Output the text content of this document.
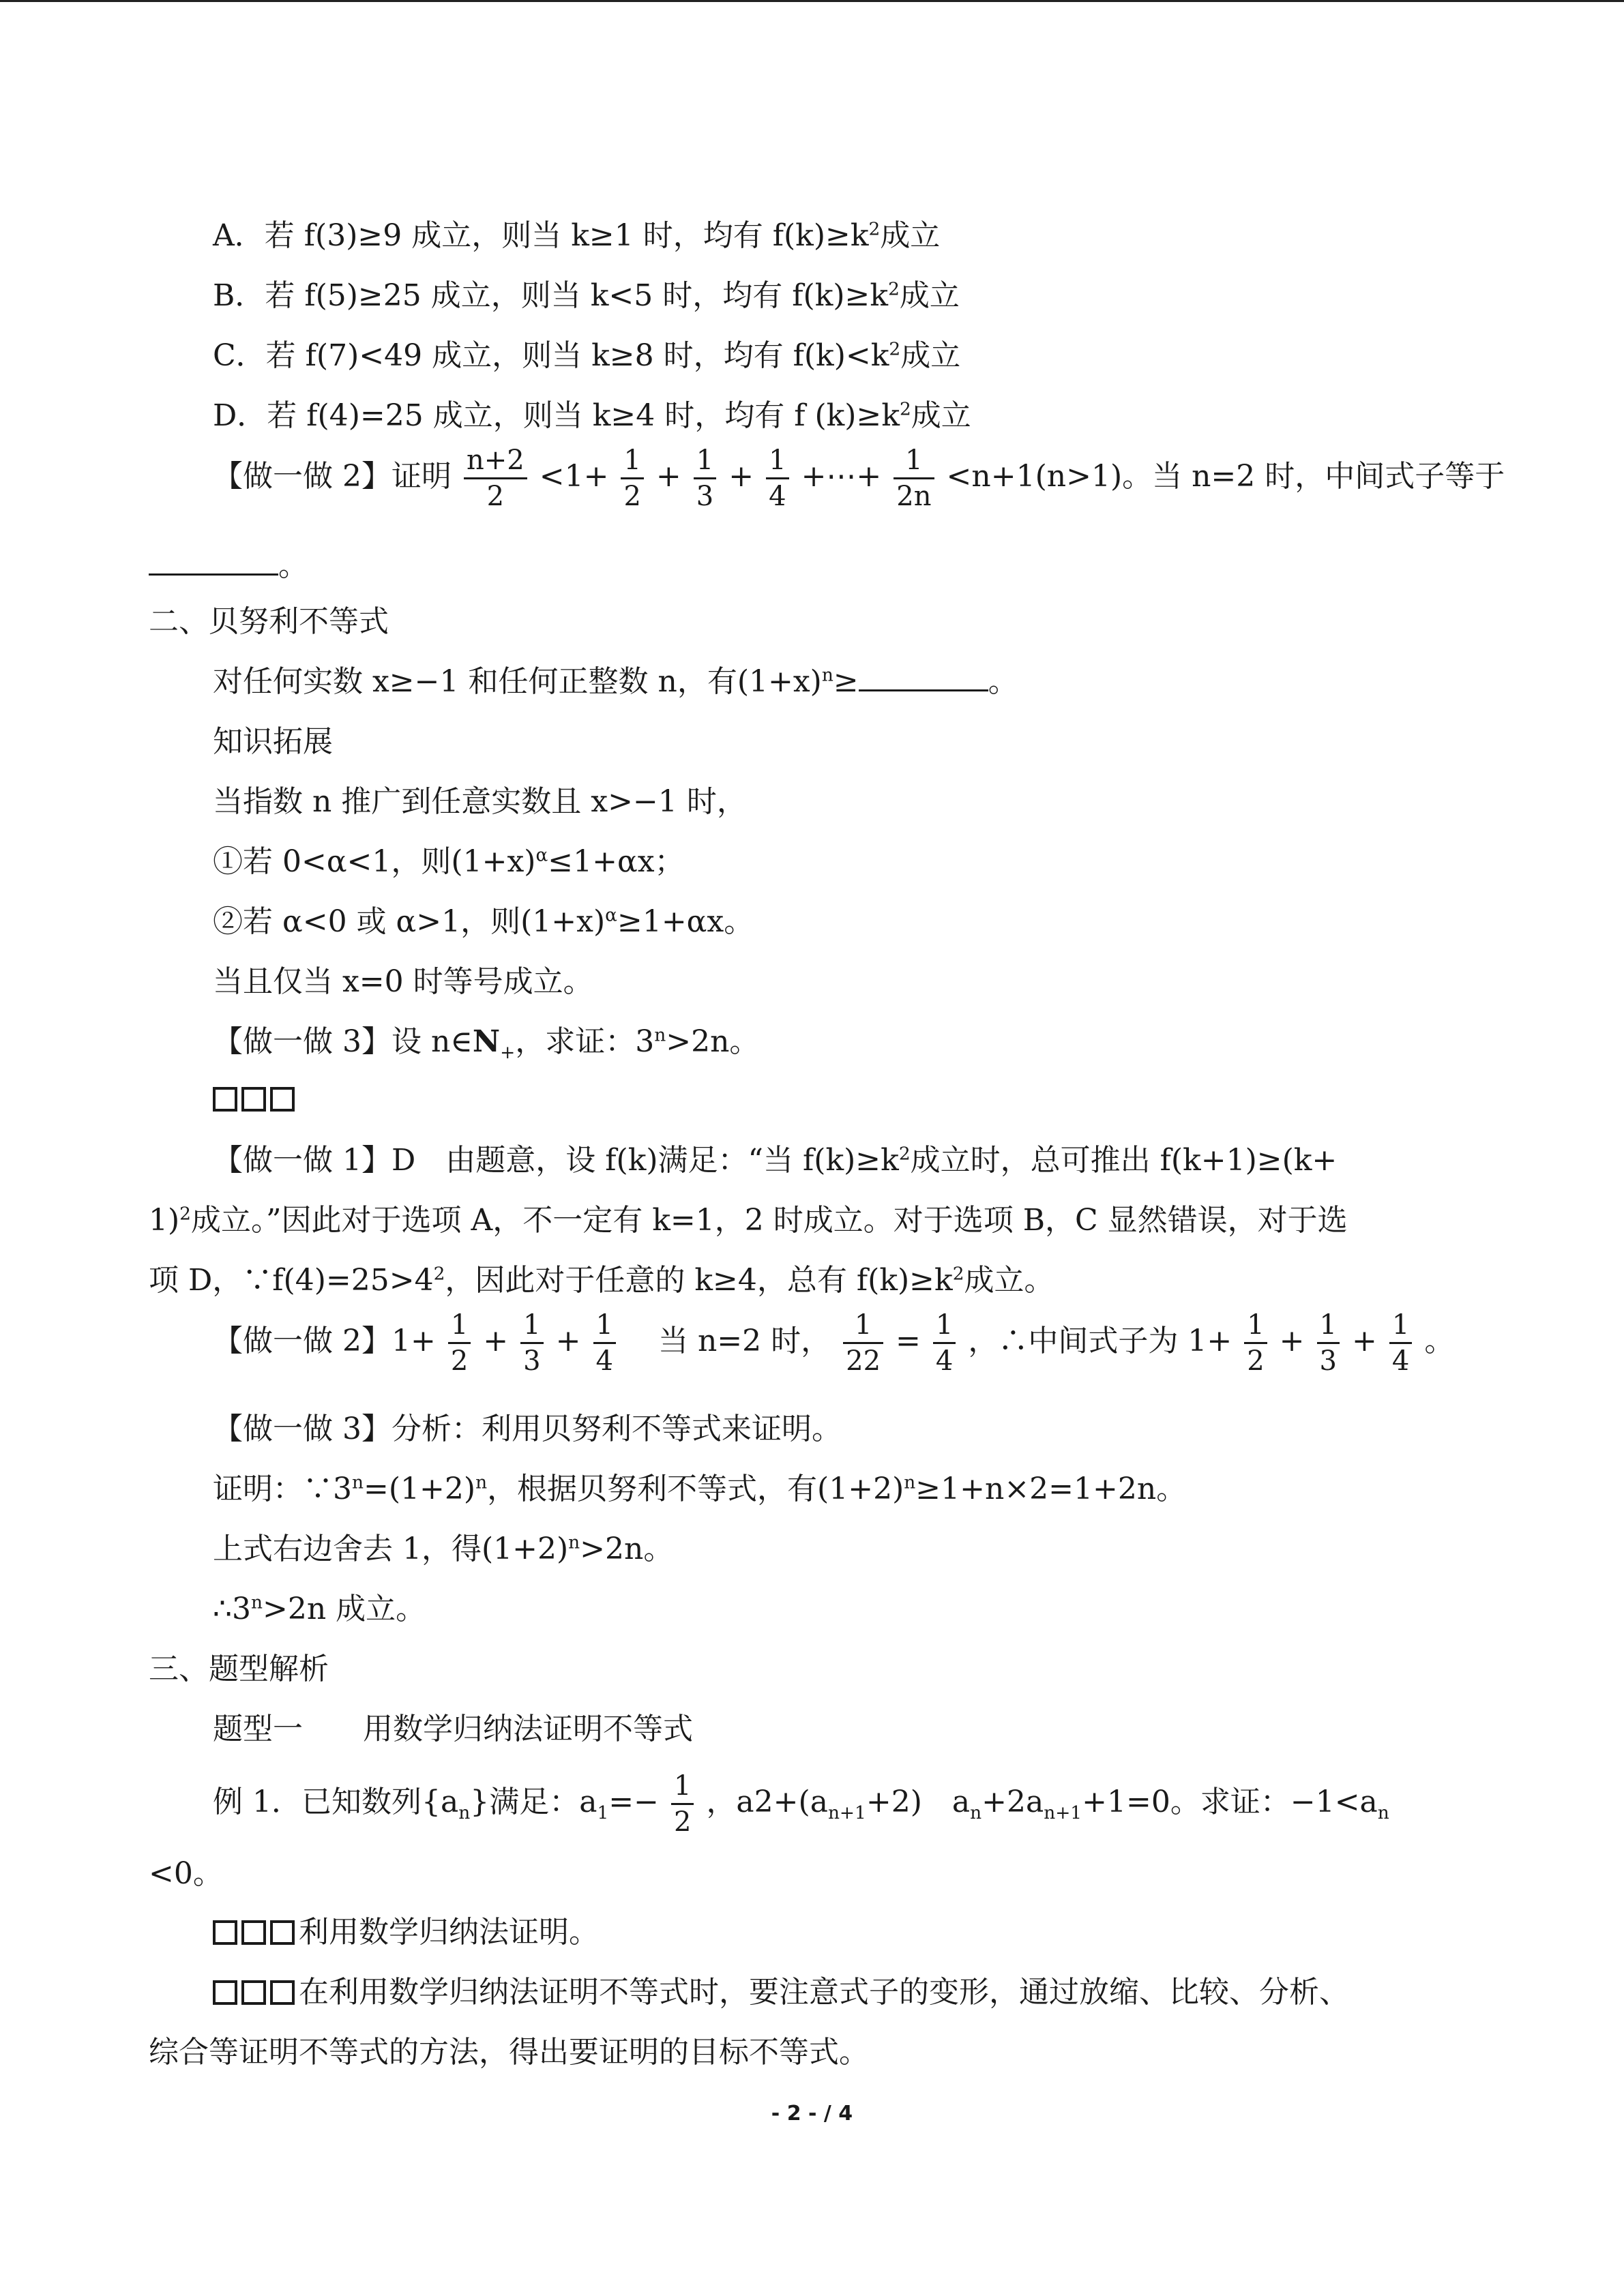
A．若 f(3)≥9 成立，则当 k≥1 时，均有 $f(k)\ge k^2$成立
B．若 f(5)≥25 成立，则当 k<5 时，均有 $f(k)\ge k^2$成立
C．若 f(7)<49 成立，则当 k≥8 时，均有 $f(k)<k^2$成立
D．若 f(4)=25 成立，则当 k≥4 时，均有 f $(k)\ge k^2$成立
【做一做 2】证明 $\frac{n+2}{2} <1+ \frac{1}{2} + \frac{1}{3} + \frac{1}{4}$ +⋯+ $\frac{1}{2n} <n+1(n>1)$。当 n=2 时，中间式子等于
。
二、贝努利不等式
对任何实数 x≥−1 和任何正整数 n，有$(1+x)^n\ge$	。
知识拓展
当指数 n 推广到任意实数且 x>−1 时，
①若 0<α<1，则$(1+x)^\alpha\le 1+\alpha x$；
②若 α<0 或 α>1，则$(1+x)^\alpha\ge 1+\alpha x$。
当且仅当 x=0 时等号成立。
【做一做 3】设 $n\in N_+$，求证：$3^n>2n$。
【做一做 1】D　由题意，设 f(k)满足：“当 $f(k)\ge k^2$成立时，总可推出 f(k+1)≥(k+
1)$^2$成立。”因此对于选项 A，不一定有 k=1，2 时成立。对于选项 B，C 显然错误，对于选
项 D，$\because f(4)=25>4^2$，因此对于任意的 k≥4，总有 $f(k)\ge k^2$成立。
【做一做 2】$1+ \frac{1}{2} + \frac{1}{3} + \frac{1}{4}$ 　当 n=2 时， $\frac{1}{22} = \frac{1}{4}$ ，∴中间式子为 $1+ \frac{1}{2} + \frac{1}{3} + \frac{1}{4}$ 。
【做一做 3】分析：利用贝努利不等式来证明。
证明：$\because 3^n=(1+2)^n$，根据贝努利不等式，有$(1+2)^n\ge 1+n\times 2=1+2n$。
上式右边舍去 1，得$(1+2)^n>2n$。
$\therefore 3^n>2n$ 成立。
三、题型解析
题型一　　用数学归纳法证明不等式
例 1．已知数列$\{a_n\}$满足：$a_1=- \frac{1}{2}$ ，$a2+(a_{n+1}+2)$　$a_n+2a_{n+1}+1=0$。求证：$-1<a_n$
<0。
利用数学归纳法证明。
在利用数学归纳法证明不等式时，要注意式子的变形，通过放缩、比较、分析、
综合等证明不等式的方法，得出要证明的目标不等式。
- 2 - / 4
